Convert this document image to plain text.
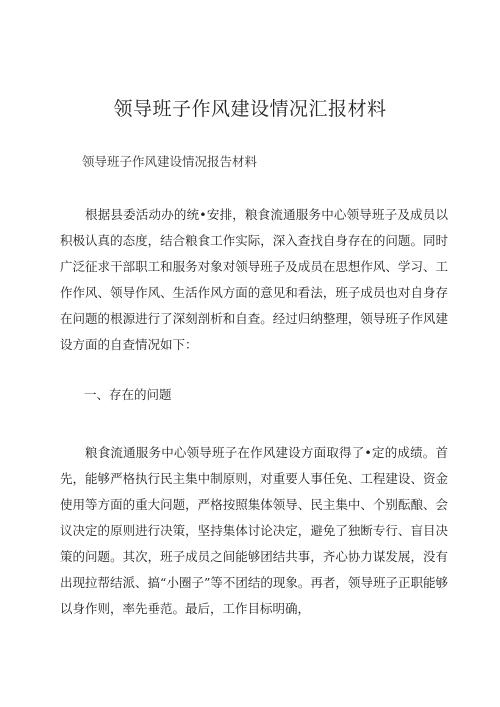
领导班子作风建设情况汇报材料

领导班子作风建设情况报告材料

根据县委活动办的统•安排，粮食流通服务中心领导班子及成员以积极认真的态度，结合粮食工作实际，深入查找自身存在的问题。同时广泛征求干部职工和服务对象对领导班子及成员在思想作风、学习、工作作风、领导作风、生活作风方面的意见和看法，班子成员也对自身存在问题的根源进行了深刻剖析和自查。经过归纳整理，领导班子作风建设方面的自查情况如下：

一、存在的问题

粮食流通服务中心领导班子在作风建设方面取得了•定的成绩。首先，能够严格执行民主集中制原则，对重要人事任免、工程建设、资金使用等方面的重大问题，严格按照集体领导、民主集中、个别酝酿、会议决定的原则进行决策，坚持集体讨论决定，避免了独断专行、盲目决策的问题。其次，班子成员之间能够团结共事，齐心协力谋发展，没有出现拉帮结派、搞“小圈子”等不团结的现象。再者，领导班子正职能够以身作则，率先垂范。最后，工作目标明确，
